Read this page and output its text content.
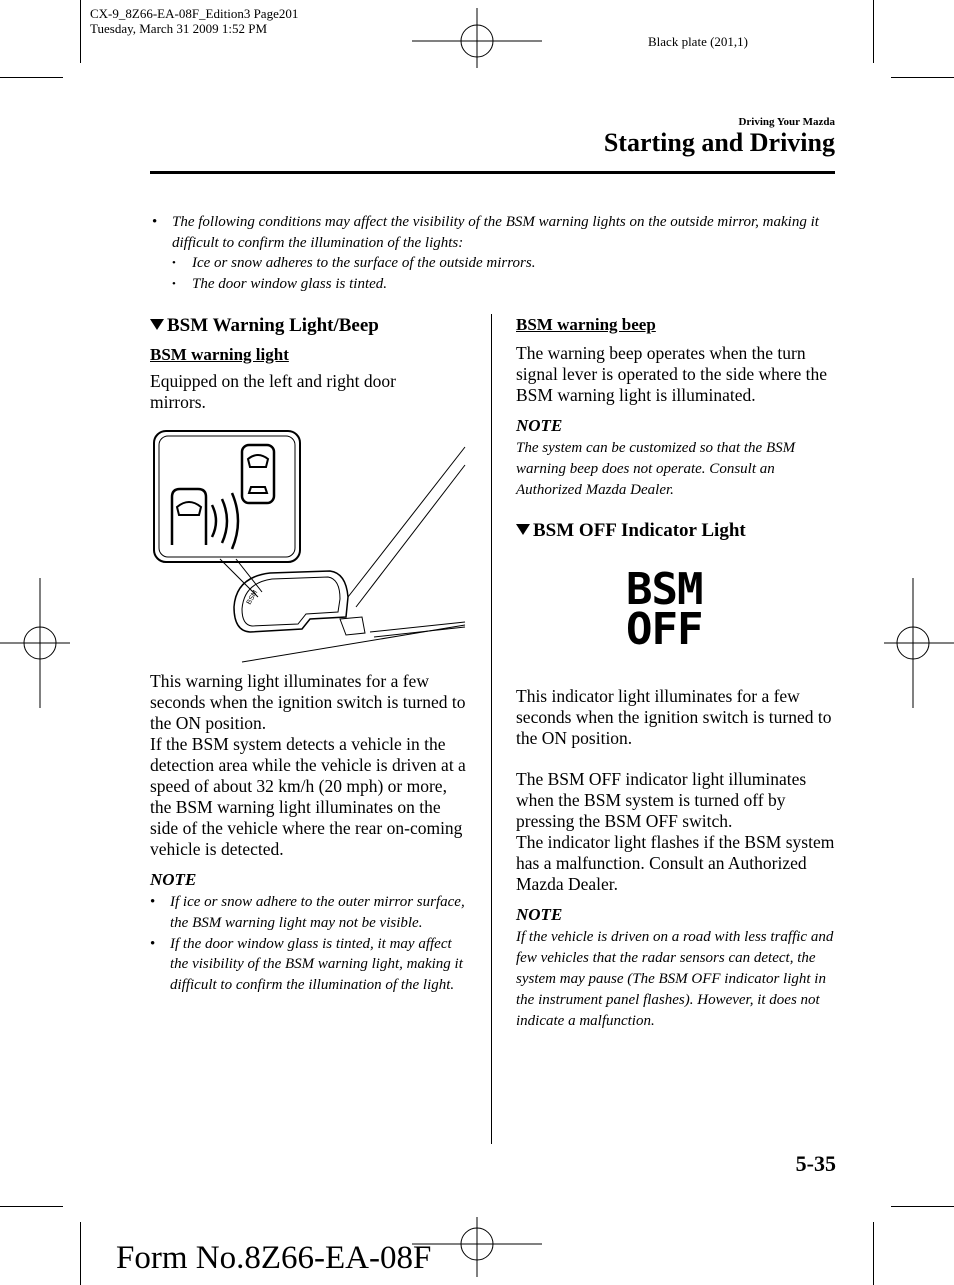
CX-9_8Z66-EA-08F_Edition3 Page201
Tuesday, March 31 2009 1:52 PM
Black plate (201,1)
Driving Your Mazda
Starting and Driving
• The following conditions may affect the visibility of the BSM warning lights on the outside mirror, making it difficult to confirm the illumination of the lights:
• Ice or snow adheres to the surface of the outside mirrors.
• The door window glass is tinted.
BSM Warning Light/Beep
BSM warning light

Equipped on the left and right door mirrors.

BSM

This warning light illuminates for a few seconds when the ignition switch is turned to the ON position.

If the BSM system detects a vehicle in the detection area while the vehicle is driven at a speed of about 32 km/h (20 mph) or more, the BSM warning light illuminates on the side of the vehicle where the rear on-coming vehicle is detected.

NOTE
• If ice or snow adhere to the outer mirror surface, the BSM warning light may not be visible.
• If the door window glass is tinted, it may affect the visibility of the BSM warning light, making it difficult to confirm the illumination of the light.
BSM warning beep

The warning beep operates when the turn signal lever is operated to the side where the BSM warning light is illuminated.

NOTE

The system can be customized so that the BSM warning beep does not operate. Consult an Authorized Mazda Dealer.

BSM OFF Indicator Light
BSM
OFF

This indicator light illuminates for a few seconds when the ignition switch is turned to the ON position.

The BSM OFF indicator light illuminates when the BSM system is turned off by pressing the BSM OFF switch.

The indicator light flashes if the BSM system has a malfunction. Consult an Authorized Mazda Dealer.

NOTE

If the vehicle is driven on a road with less traffic and few vehicles that the radar sensors can detect, the system may pause (The BSM OFF indicator light in the instrument panel flashes). However, it does not indicate a malfunction.

5-35
Form No.8Z66-EA-08F
